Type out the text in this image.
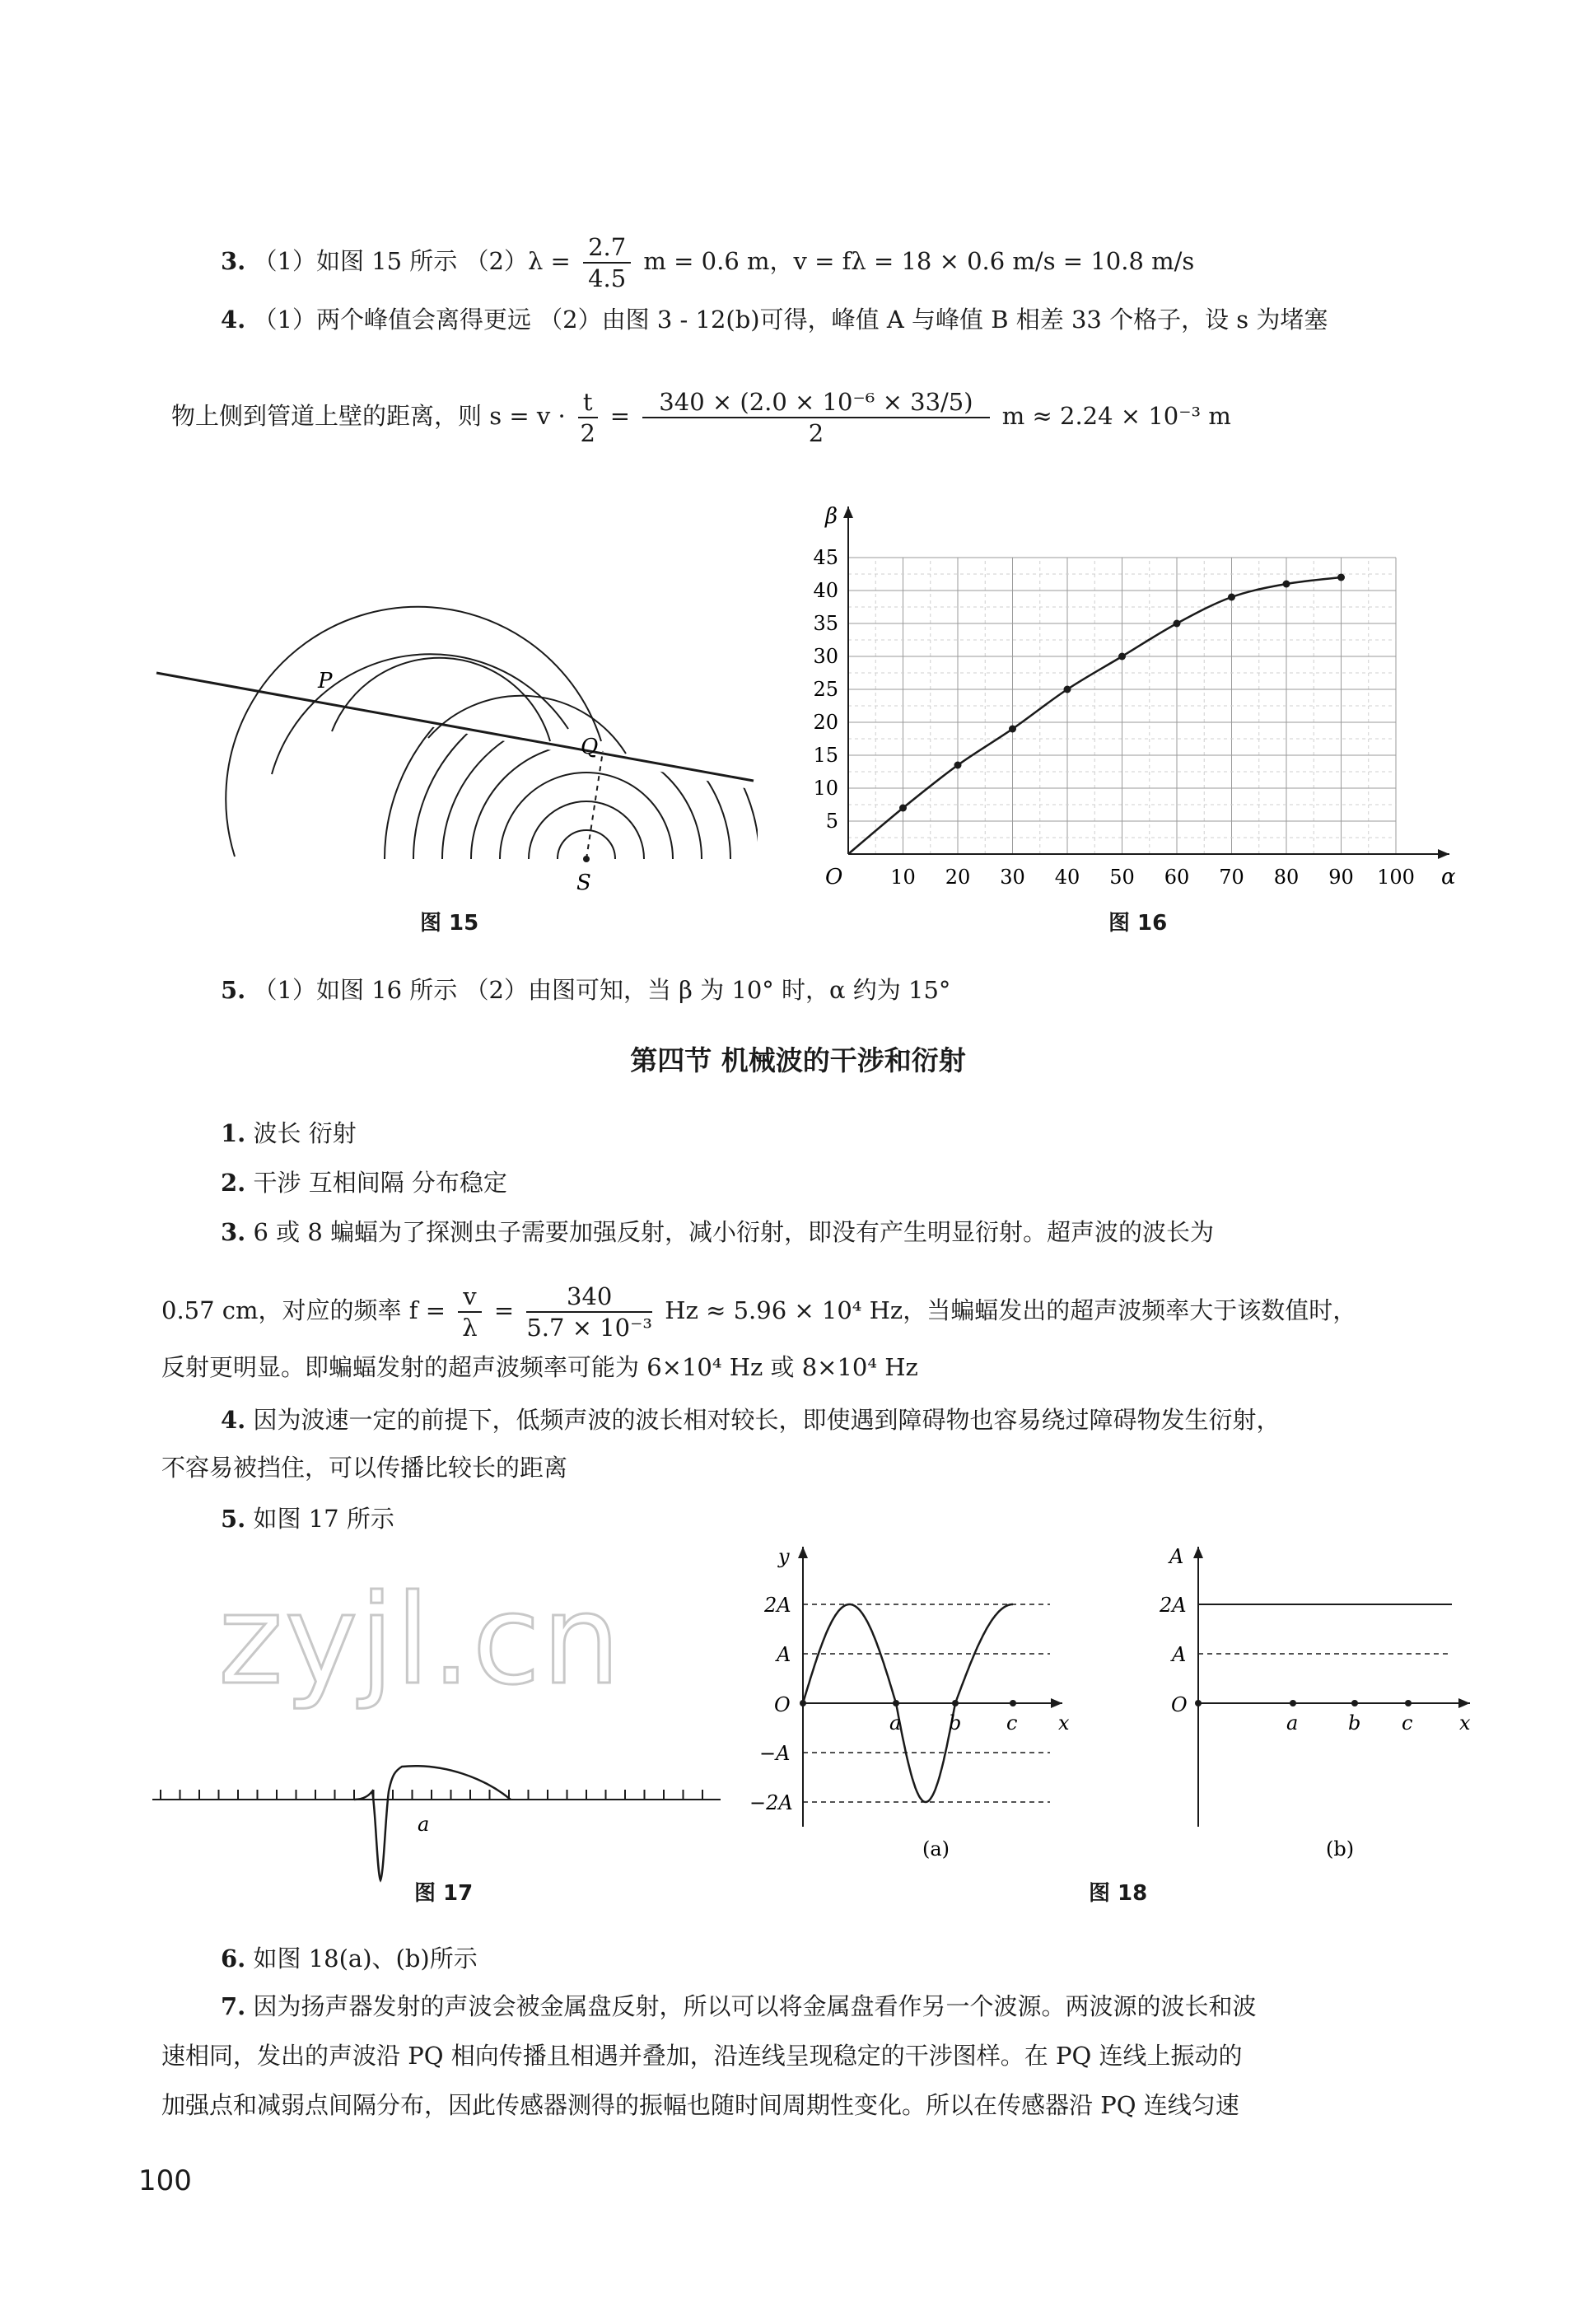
3. （1）如图 15 所示 $(2)\lambda = \frac{2.7}{4.5}$ m = 0.6 m，v = fλ = 18 × 0.6 m/s = 10.8 m/s
4. （1）两个峰值会离得更远 （2）由图 3 - 12(b)可得，峰值 A 与峰值 B 相差 33 个格子，设 s 为堵塞
物上侧到管道上壁的距离，则 $s = v \cdot \frac{t}{2} = \frac{\text{340 × (2.0 × 10⁻⁶ × 33/5)}}{2}$ m ≈ 2.24 × 10⁻³ m
P
Q
S
图 15
10 20 30 40 50 60 70 80 90 100
5
10
15
20
25
30
35
40
45
β
α
O
图 16
5. （1）如图 16 所示 （2）由图可知，当 β 为 10° 时，α 约为 15°
第四节 机械波的干涉和衍射
1. 波长 衍射
2. 干涉 互相间隔 分布稳定
3. 6 或 8 蝙蝠为了探测虫子需要加强反射，减小衍射，即没有产生明显衍射。超声波的波长为
0.57 cm，对应的频率 $f = \frac{v}{\lambda} = \frac{340}{\text{5.7 × 10⁻³}}$ Hz ≈ 5.96 × 10⁴ Hz，当蝙蝠发出的超声波频率大于该数值时，
反射更明显。即蝙蝠发射的超声波频率可能为 6×10⁴ Hz 或 8×10⁴ Hz
4. 因为波速一定的前提下，低频声波的波长相对较长，即使遇到障碍物也容易绕过障碍物发生衍射，
不容易被挡住，可以传播比较长的距离
5. 如图 17 所示
zyjl.cn
a
图 17
y
x
O
2A
A
−A
−2A
a b c
(a)
A
x
O
2A
A
a	b c
(b)
图 18
6. 如图 18(a)、(b)所示
7. 因为扬声器发射的声波会被金属盘反射，所以可以将金属盘看作另一个波源。两波源的波长和波
速相同，发出的声波沿 PQ 相向传播且相遇并叠加，沿连线呈现稳定的干涉图样。在 PQ 连线上振动的
加强点和减弱点间隔分布，因此传感器测得的振幅也随时间周期性变化。所以在传感器沿 PQ 连线匀速
100
